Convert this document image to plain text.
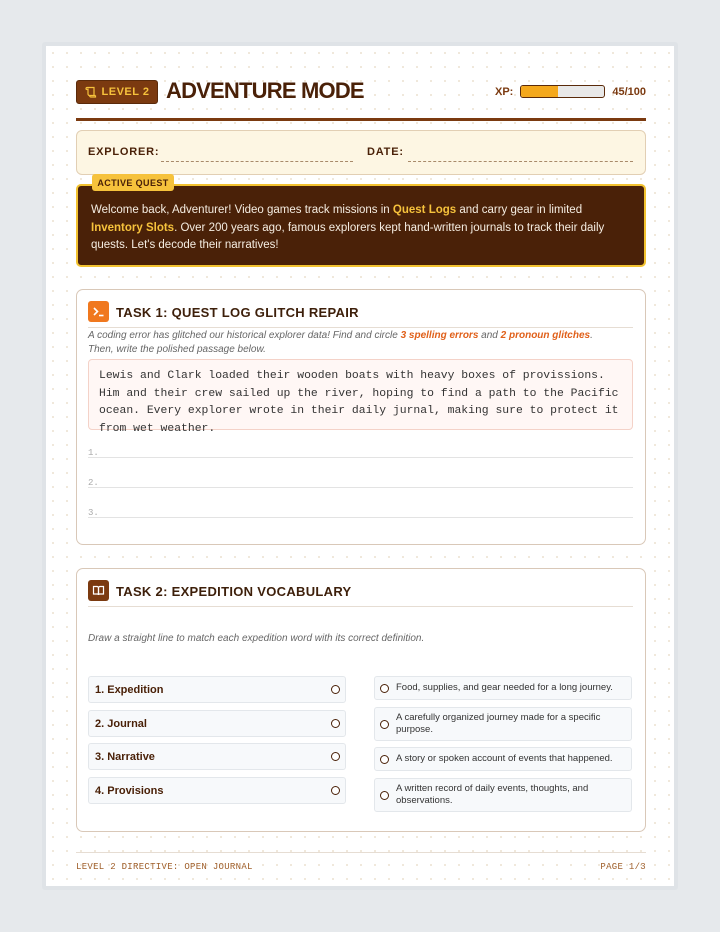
LEVEL 2 ADVENTURE MODE	XP:	45/100
EXPLORER:	DATE:
Welcome back, Adventurer! Video games track missions in Quest Logs and carry gear in limited Inventory Slots. Over 200 years ago, famous explorers kept hand-written journals to track their daily quests. Let's decode their narratives!
ACTIVE QUEST
TASK 1: QUEST LOG GLITCH REPAIR
A coding error has glitched our historical explorer data! Find and circle 3 spelling errors and 2 pronoun glitches.
Then, write the polished passage below.
Lewis and Clark loaded their wooden boats with heavy boxes of provissions. Him and their crew sailed up the river, hoping to find a path to the Pacific ocean. Every explorer wrote in their daily jurnal, making sure to protect it from wet weather.
1.
2.
3.
TASK 2: EXPEDITION VOCABULARY
Draw a straight line to match each expedition word with its correct definition.
1. Expedition
2. Journal
3. Narrative
4. Provisions
Food, supplies, and gear needed for a long journey.
A carefully organized journey made for a specific purpose.
A story or spoken account of events that happened.
A written record of daily events, thoughts, and observations.
LEVEL 2 DIRECTIVE: OPEN JOURNAL	PAGE 1/3
